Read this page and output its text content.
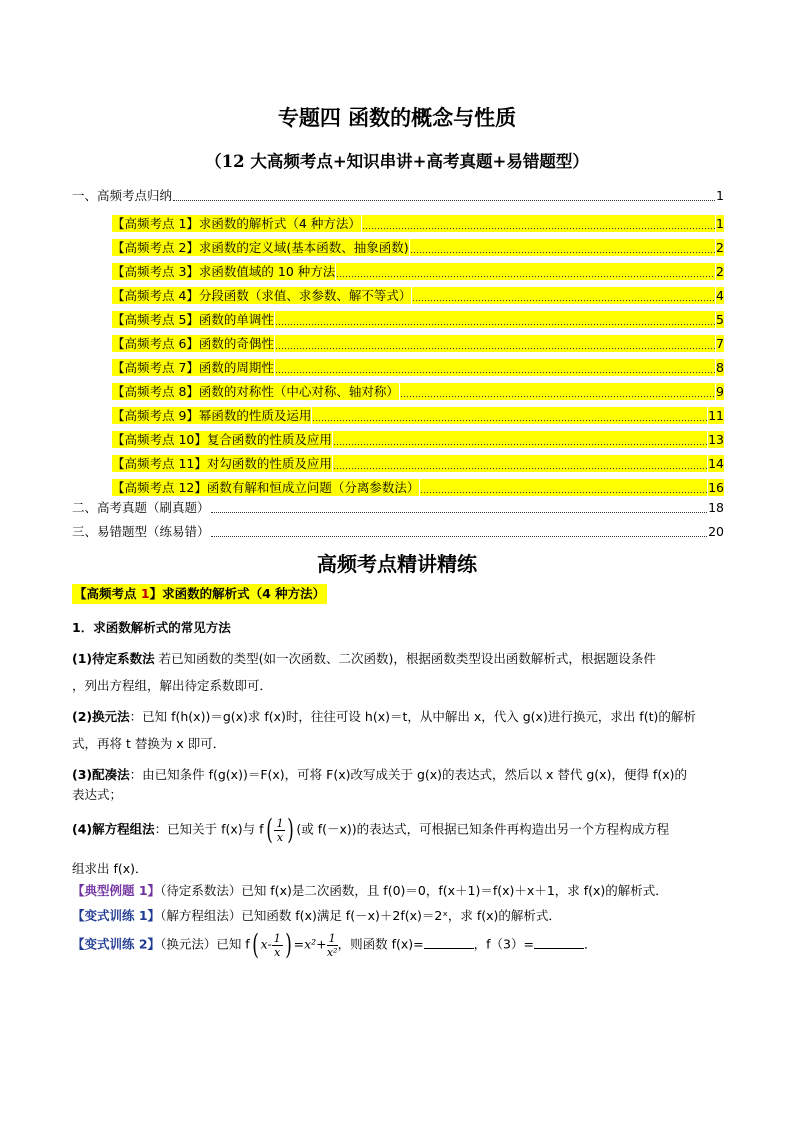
专题四 函数的概念与性质
（12 大高频考点+知识串讲+高考真题+易错题型）
一、高频考点归纳	1
【高频考点 1】求函数的解析式（4 种方法）	1
【高频考点 2】求函数的定义域(基本函数、抽象函数)	2
【高频考点 3】求函数值域的 10 种方法	2
【高频考点 4】分段函数（求值、求参数、解不等式）	4
【高频考点 5】函数的单调性	5
【高频考点 6】函数的奇偶性	7
【高频考点 7】函数的周期性	8
【高频考点 8】函数的对称性（中心对称、轴对称）	9
【高频考点 9】幂函数的性质及运用	11
【高频考点 10】复合函数的性质及应用	13
【高频考点 11】对勾函数的性质及应用	14
【高频考点 12】函数有解和恒成立问题（分离参数法）	16
二、高考真题（刷真题）	18
三、易错题型（练易错）	20
高频考点精讲精练
【高频考点 1】求函数的解析式（4 种方法）

1．求函数解析式的常见方法

(1)待定系数法 若已知函数的类型(如一次函数、二次函数)，根据函数类型设出函数解析式，根据题设条件

，列出方程组，解出待定系数即可．

(2)换元法：已知 f(h(x))＝g(x)求 f(x)时，往往可设 h(x)＝t，从中解出 x，代入 g(x)进行换元，求出 f(t)的解析

式，再将 t 替换为 x 即可．

(3)配凑法：由已知条件 f(g(x))＝F(x)，可将 F(x)改写成关于 g(x)的表达式，然后以 x 替代 g(x)，便得 f(x)的

表达式；

(4)解方程组法：已知关于 f(x)与 $f( \frac{1}{x}$ ) (或 f(－x))的表达式，可根据已知条件再构造出另一个方程构成方程

组求出 f(x)．

【典型例题 1】（待定系数法）已知 f(x)是二次函数，且 f(0)＝0，f(x＋1)＝f(x)＋x＋1，求 f(x)的解析式．

【变式训练 1】（解方程组法）已知函数 f(x)满足 f(－x)＋2f(x)＝2ˣ，求 f(x)的解析式．

【变式训练 2】（换元法）已知 f( $x- \frac{1}{x}$ ) $=x^2+ \frac{1}{\text{x²}}$ ，则函数 f(x)=	，f（3）=	．
